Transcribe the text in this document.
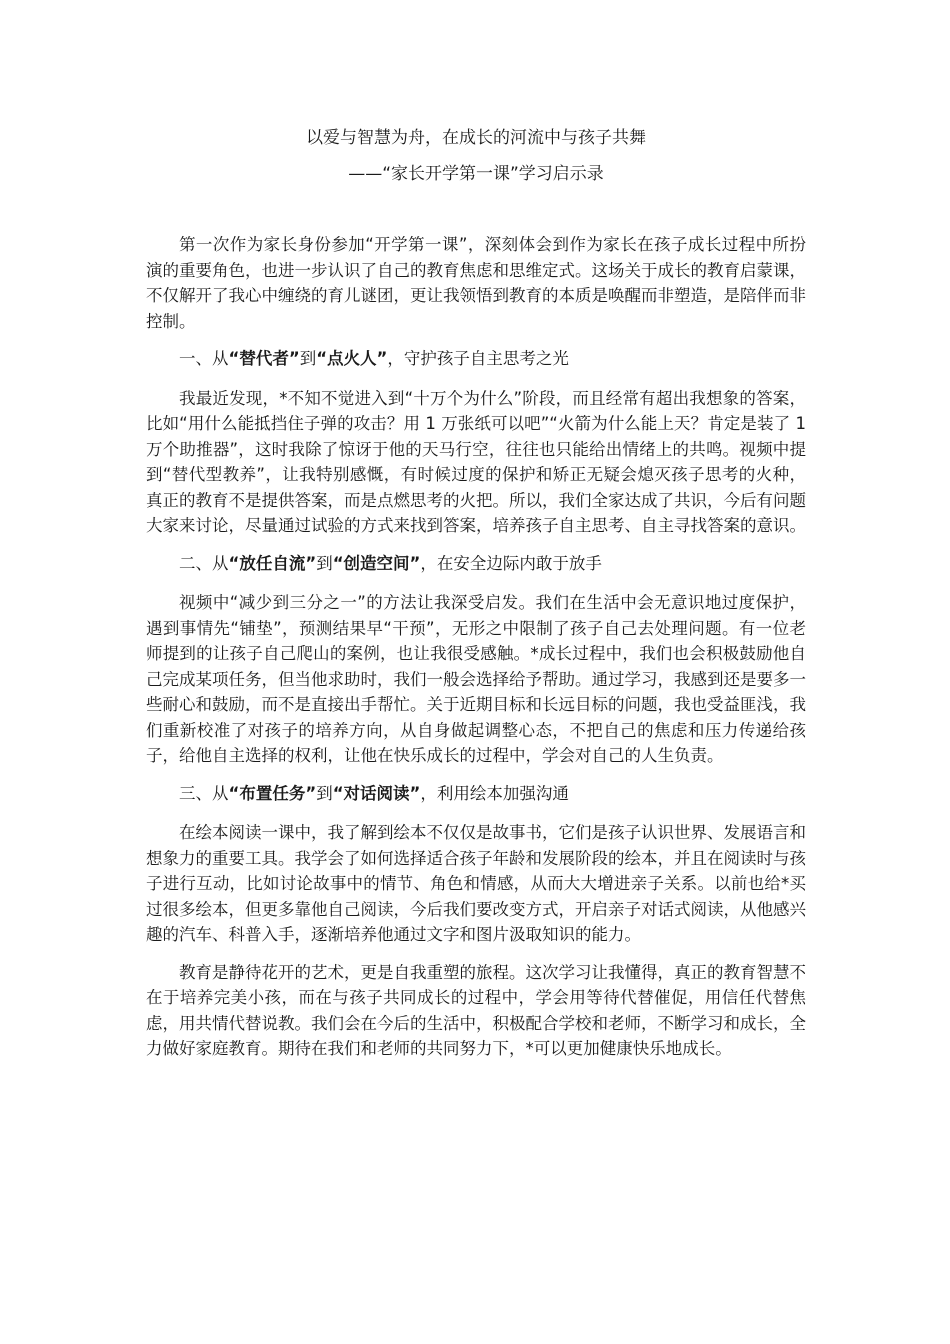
以爱与智慧为舟，在成长的河流中与孩子共舞
——“家长开学第一课”学习启示录

第一次作为家长身份参加“开学第一课”，深刻体会到作为家长在孩子成长过程中所扮演的重要角色，也进一步认识了自己的教育焦虑和思维定式。这场关于成长的教育启蒙课，不仅解开了我心中缠绕的育儿谜团，更让我领悟到教育的本质是唤醒而非塑造，是陪伴而非控制。

一、从“替代者”到“点火人”，守护孩子自主思考之光

我最近发现，*不知不觉进入到“十万个为什么”阶段，而且经常有超出我想象的答案，比如“用什么能抵挡住子弹的攻击？用 1 万张纸可以吧”“火箭为什么能上天？肯定是装了 1 万个助推器”，这时我除了惊讶于他的天马行空，往往也只能给出情绪上的共鸣。视频中提到“替代型教养”，让我特别感慨，有时候过度的保护和矫正无疑会熄灭孩子思考的火种，真正的教育不是提供答案，而是点燃思考的火把。所以，我们全家达成了共识，今后有问题大家来讨论，尽量通过试验的方式来找到答案，培养孩子自主思考、自主寻找答案的意识。

二、从“放任自流”到“创造空间”，在安全边际内敢于放手

视频中“减少到三分之一”的方法让我深受启发。我们在生活中会无意识地过度保护，遇到事情先“铺垫”，预测结果早“干预”，无形之中限制了孩子自己去处理问题。有一位老师提到的让孩子自己爬山的案例，也让我很受感触。*成长过程中，我们也会积极鼓励他自己完成某项任务，但当他求助时，我们一般会选择给予帮助。通过学习，我感到还是要多一些耐心和鼓励，而不是直接出手帮忙。关于近期目标和长远目标的问题，我也受益匪浅，我们重新校准了对孩子的培养方向，从自身做起调整心态，不把自己的焦虑和压力传递给孩子，给他自主选择的权利，让他在快乐成长的过程中，学会对自己的人生负责。

三、从“布置任务”到“对话阅读”，利用绘本加强沟通

在绘本阅读一课中，我了解到绘本不仅仅是故事书，它们是孩子认识世界、发展语言和想象力的重要工具。我学会了如何选择适合孩子年龄和发展阶段的绘本，并且在阅读时与孩子进行互动，比如讨论故事中的情节、角色和情感，从而大大增进亲子关系。以前也给*买过很多绘本，但更多靠他自己阅读，今后我们要改变方式，开启亲子对话式阅读，从他感兴趣的汽车、科普入手，逐渐培养他通过文字和图片汲取知识的能力。

教育是静待花开的艺术，更是自我重塑的旅程。这次学习让我懂得，真正的教育智慧不在于培养完美小孩，而在与孩子共同成长的过程中，学会用等待代替催促，用信任代替焦虑，用共情代替说教。我们会在今后的生活中，积极配合学校和老师，不断学习和成长，全力做好家庭教育。期待在我们和老师的共同努力下，*可以更加健康快乐地成长。
